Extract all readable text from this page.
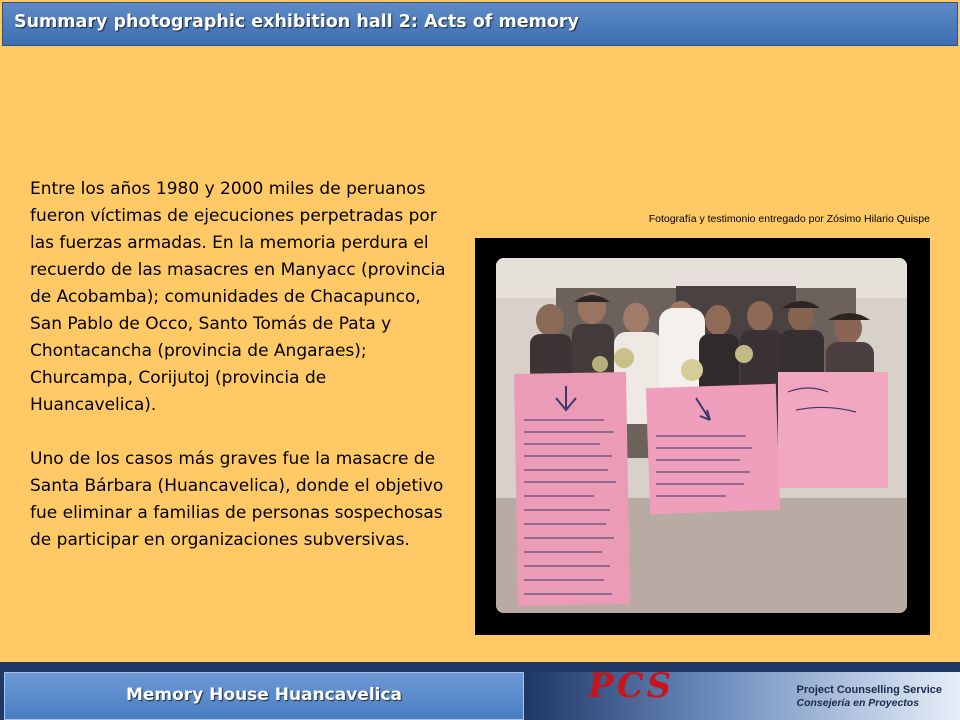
Summary photographic exhibition hall 2: Acts of memory

Entre los años 1980 y 2000 miles de peruanos fueron víctimas de ejecuciones perpetradas por las fuerzas armadas. En la memoria perdura el recuerdo de las masacres en Manyacc (provincia de Acobamba); comunidades de Chacapunco, San Pablo de Occo, Santo Tomás de Pata y Chontacancha (provincia de Angaraes); Churcampa, Corijutoj (provincia de Huancavelica).

Uno de los casos más graves fue la masacre de Santa Bárbara (Huancavelica), donde el objetivo fue eliminar a familias de personas sospechosas de participar en organizaciones subversivas.

Fotografía y testimonio entregado por Zósimo Hilario Quispe
Memory House Huancavelica	PCS	Project Counselling Service
Consejería en Proyectos
